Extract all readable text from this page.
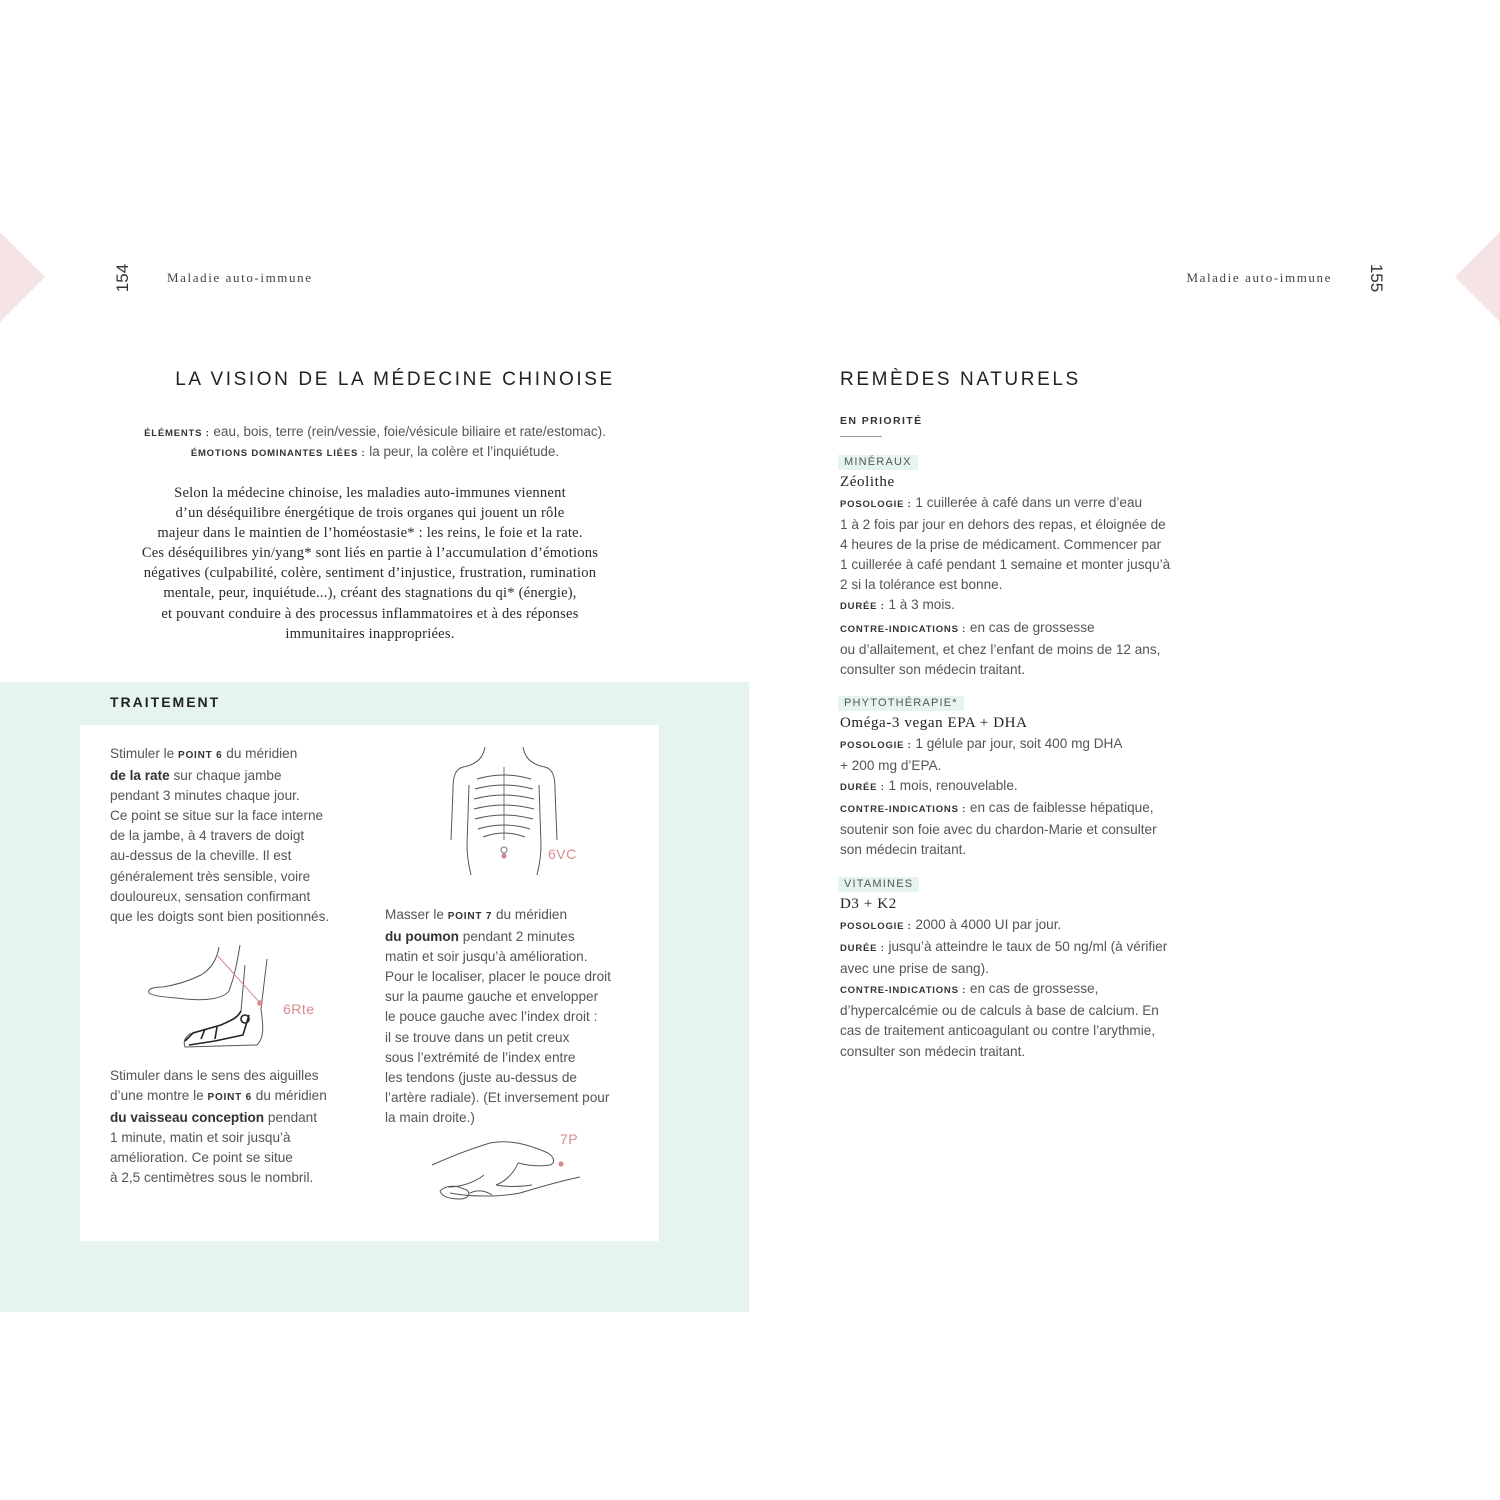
154	Maladie auto-immune
LA VISION DE LA MÉDECINE CHINOISE
ÉLÉMENTS : eau, bois, terre (rein/vessie, foie/vésicule biliaire et rate/estomac).
ÉMOTIONS DOMINANTES LIÉES : la peur, la colère et l’inquiétude.
Selon la médecine chinoise, les maladies auto-immunes viennent
d’un déséquilibre énergétique de trois organes qui jouent un rôle
majeur dans le maintien de l’homéostasie* : les reins, le foie et la rate.
Ces déséquilibres yin/yang* sont liés en partie à l’accumulation d’émotions
négatives (culpabilité, colère, sentiment d’injustice, frustration, rumination
mentale, peur, inquiétude...), créant des stagnations du qi* (énergie),
et pouvant conduire à des processus inflammatoires et à des réponses
immunitaires inappropriées.
TRAITEMENT
Stimuler le POINT 6 du méridien
de la rate sur chaque jambe
pendant 3 minutes chaque jour.
Ce point se situe sur la face interne
de la jambe, à 4 travers de doigt
au-dessus de la cheville. Il est
généralement très sensible, voire
douloureux, sensation confirmant
que les doigts sont bien positionnés.
Stimuler dans le sens des aiguilles
d’une montre le POINT 6 du méridien
du vaisseau conception pendant
1 minute, matin et soir jusqu’à
amélioration. Ce point se situe
à 2,5 centimètres sous le nombril.
Masser le POINT 7 du méridien
du poumon pendant 2 minutes
matin et soir jusqu’à amélioration.
Pour le localiser, placer le pouce droit
sur la paume gauche et envelopper
le pouce gauche avec l’index droit :
il se trouve dans un petit creux
sous l’extrémité de l’index entre
les tendons (juste au-dessus de
l’artère radiale). (Et inversement pour
la main droite.)
6VC
6Rte
7P
Maladie auto-immune 155
REMÈDES NATURELS
EN PRIORITÉ
MINÉRAUX
Zéolithe
POSOLOGIE : 1 cuillerée à café dans un verre d’eau
1 à 2 fois par jour en dehors des repas, et éloignée de
4 heures de la prise de médicament. Commencer par
1 cuillerée à café pendant 1 semaine et monter jusqu’à
2 si la tolérance est bonne.
DURÉE : 1 à 3 mois.
CONTRE-INDICATIONS : en cas de grossesse
ou d’allaitement, et chez l’enfant de moins de 12 ans,
consulter son médecin traitant.
PHYTOTHÉRAPIE*
Oméga-3 vegan EPA + DHA
POSOLOGIE : 1 gélule par jour, soit 400 mg DHA
+ 200 mg d’EPA.
DURÉE : 1 mois, renouvelable.
CONTRE-INDICATIONS : en cas de faiblesse hépatique,
soutenir son foie avec du chardon-Marie et consulter
son médecin traitant.
VITAMINES
D3 + K2
POSOLOGIE : 2000 à 4000 UI par jour.
DURÉE : jusqu’à atteindre le taux de 50 ng/ml (à vérifier
avec une prise de sang).
CONTRE-INDICATIONS : en cas de grossesse,
d’hypercalcémie ou de calculs à base de calcium. En
cas de traitement anticoagulant ou contre l’arythmie,
consulter son médecin traitant.
